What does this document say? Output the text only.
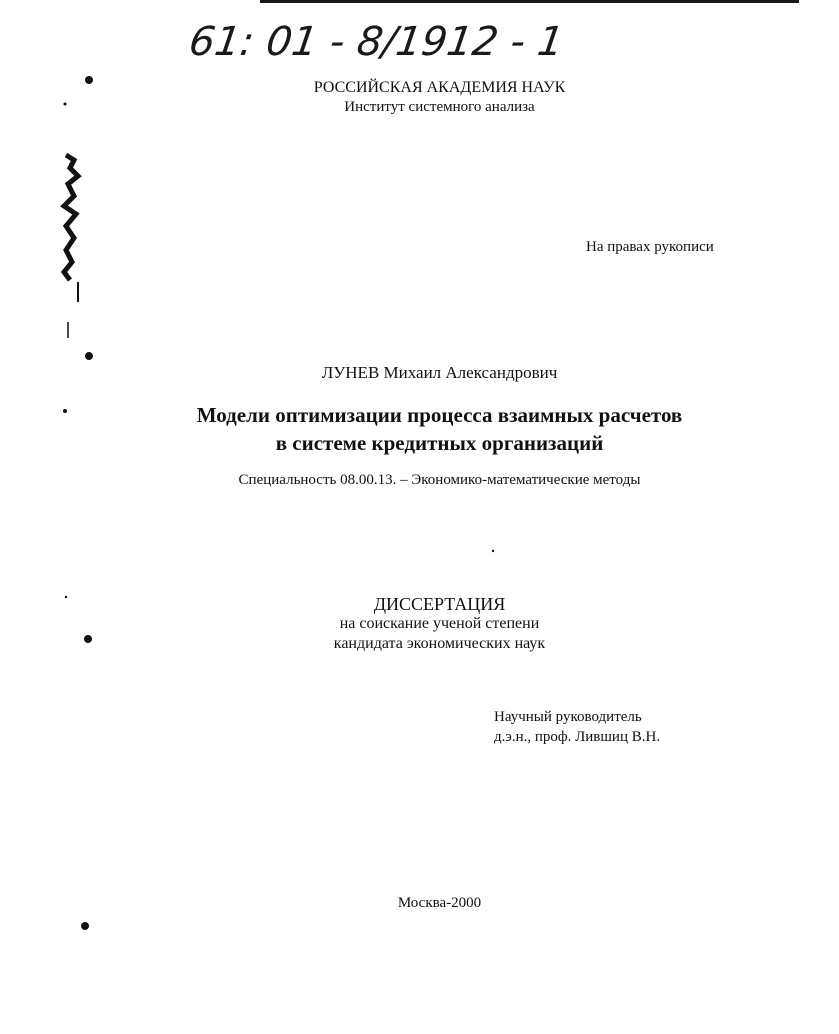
61: 01 - 8/1912 - 1
РОССИЙСКАЯ АКАДЕМИЯ НАУК
Институт системного анализа
На правах рукописи
ЛУНЕВ Михаил Александрович
Модели оптимизации процесса взаимных расчетов
в системе кредитных организаций
Специальность 08.00.13. – Экономико-математические методы
ДИССЕРТАЦИЯ
на соискание ученой степени
кандидата экономических наук
Научный руководитель
д.э.н., проф. Лившиц В.Н.
Москва-2000
